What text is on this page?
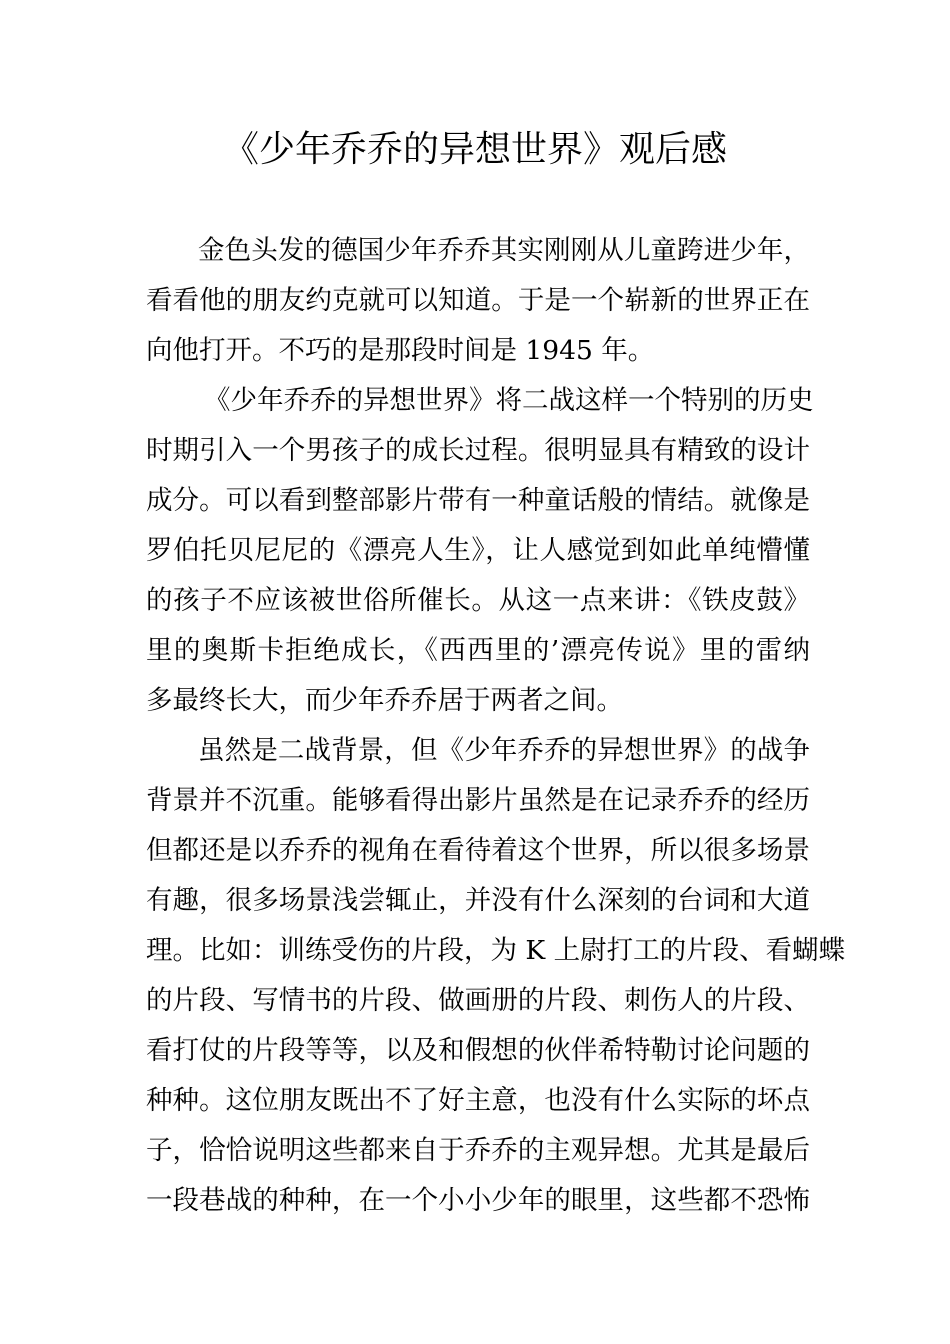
《少年乔乔的异想世界》观后感
金色头发的德国少年乔乔其实刚刚从儿童跨进少年，
看看他的朋友约克就可以知道。于是一个崭新的世界正在
向他打开。不巧的是那段时间是 1945 年。
《少年乔乔的异想世界》将二战这样一个特别的历史
时期引入一个男孩子的成长过程。很明显具有精致的设计
成分。可以看到整部影片带有一种童话般的情结。就像是
罗伯托贝尼尼的《漂亮人生》，让人感觉到如此单纯懵懂
的孩子不应该被世俗所催长。从这一点来讲：《铁皮鼓》
里的奥斯卡拒绝成长，《西西里的’漂亮传说》里的雷纳
多最终长大，而少年乔乔居于两者之间。
虽然是二战背景，但《少年乔乔的异想世界》的战争
背景并不沉重。能够看得出影片虽然是在记录乔乔的经历
但都还是以乔乔的视角在看待着这个世界，所以很多场景
有趣，很多场景浅尝辄止，并没有什么深刻的台词和大道
理。比如：训练受伤的片段，为 K 上尉打工的片段、看蝴蝶
的片段、写情书的片段、做画册的片段、刺伤人的片段、
看打仗的片段等等，以及和假想的伙伴希特勒讨论问题的
种种。这位朋友既出不了好主意，也没有什么实际的坏点
子，恰恰说明这些都来自于乔乔的主观异想。尤其是最后
一段巷战的种种，在一个小小少年的眼里，这些都不恐怖
